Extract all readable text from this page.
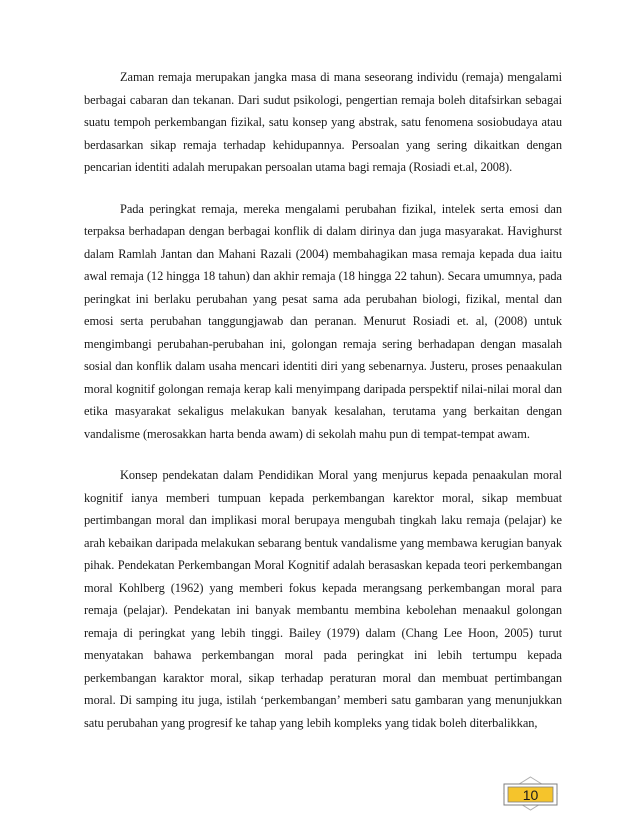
Zaman remaja merupakan jangka masa di mana seseorang individu (remaja) mengalami berbagai cabaran dan tekanan. Dari sudut psikologi, pengertian remaja boleh ditafsirkan sebagai suatu tempoh perkembangan fizikal, satu konsep yang abstrak, satu fenomena sosiobudaya atau berdasarkan sikap remaja terhadap kehidupannya. Persoalan yang sering dikaitkan dengan pencarian identiti adalah merupakan persoalan utama bagi remaja (Rosiadi et.al, 2008).

Pada peringkat remaja, mereka mengalami perubahan fizikal, intelek serta emosi dan terpaksa berhadapan dengan berbagai konflik di dalam dirinya dan juga masyarakat. Havighurst dalam Ramlah Jantan dan Mahani Razali (2004) membahagikan masa remaja kepada dua iaitu awal remaja (12 hingga 18 tahun) dan akhir remaja (18 hingga 22 tahun). Secara umumnya, pada peringkat ini berlaku perubahan yang pesat sama ada perubahan biologi, fizikal, mental dan emosi serta perubahan tanggungjawab dan peranan. Menurut Rosiadi et. al, (2008) untuk mengimbangi perubahan-perubahan ini, golongan remaja sering berhadapan dengan masalah sosial dan konflik dalam usaha mencari identiti diri yang sebenarnya. Justeru, proses penaakulan moral kognitif golongan remaja kerap kali menyimpang daripada perspektif nilai-nilai moral dan etika masyarakat sekaligus melakukan banyak kesalahan, terutama yang berkaitan dengan vandalisme (merosakkan harta benda awam) di sekolah mahu pun di tempat-tempat awam.

Konsep pendekatan dalam Pendidikan Moral yang menjurus kepada penaakulan moral kognitif ianya memberi tumpuan kepada perkembangan karektor moral, sikap membuat pertimbangan moral dan implikasi moral berupaya mengubah tingkah laku remaja (pelajar) ke arah kebaikan daripada melakukan sebarang bentuk vandalisme yang membawa kerugian banyak pihak. Pendekatan Perkembangan Moral Kognitif adalah berasaskan kepada teori perkembangan moral Kohlberg (1962) yang memberi fokus kepada merangsang perkembangan moral para remaja (pelajar). Pendekatan ini banyak membantu membina kebolehan menaakul golongan remaja di peringkat yang lebih tinggi. Bailey (1979) dalam (Chang Lee Hoon, 2005) turut menyatakan bahawa perkembangan moral pada peringkat ini lebih tertumpu kepada perkembangan karaktor moral, sikap terhadap peraturan moral dan membuat pertimbangan moral. Di samping itu juga, istilah ‘perkembangan’ memberi satu gambaran yang menunjukkan satu perubahan yang progresif ke tahap yang lebih kompleks yang tidak boleh diterbalikkan,

10
